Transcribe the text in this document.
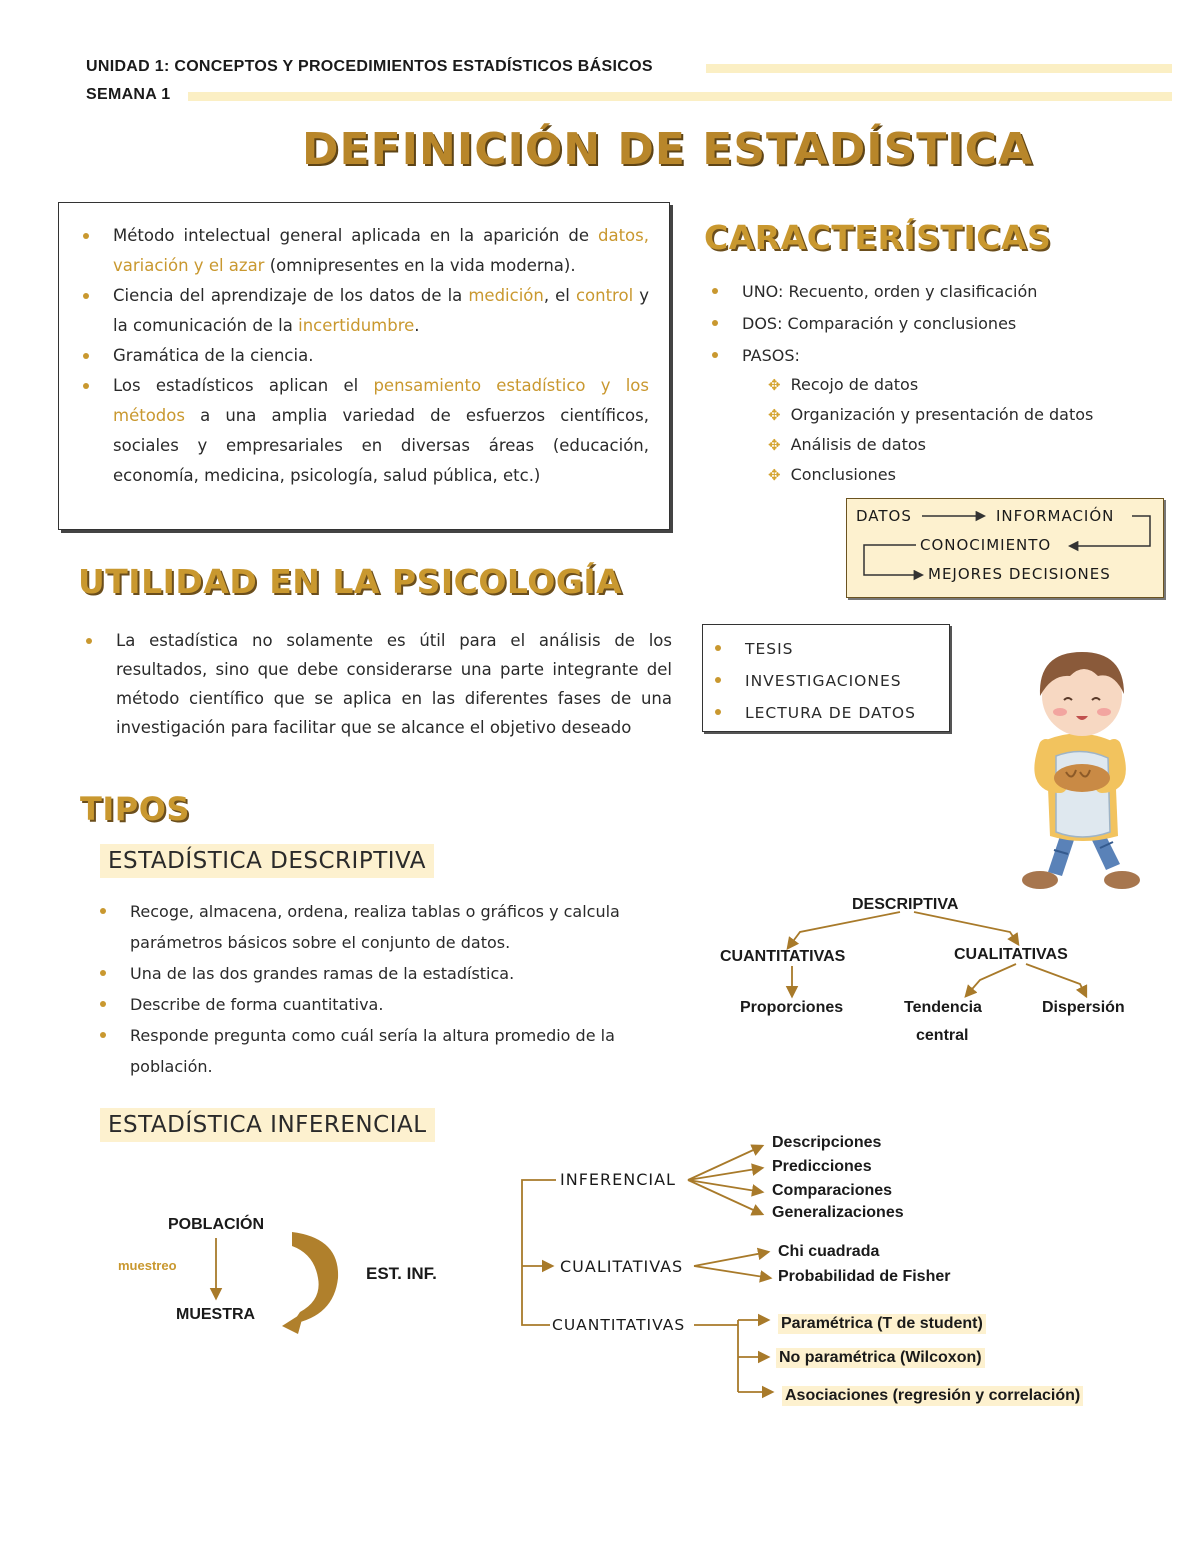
UNIDAD 1: CONCEPTOS Y PROCEDIMIENTOS ESTADÍSTICOS BÁSICOS
SEMANA 1
DEFINICIÓN DE ESTADÍSTICA
Método intelectual general aplicada en la aparición de datos, variación y el azar (omnipresentes en la vida moderna).
Ciencia del aprendizaje de los datos de la medición, el control y la comunicación de la incertidumbre.
Gramática de la ciencia.
Los estadísticos aplican el pensamiento estadístico y los métodos a una amplia variedad de esfuerzos científicos, sociales y empresariales en diversas áreas (educación, economía, medicina, psicología, salud pública, etc.)
CARACTERÍSTICAS
UNO: Recuento, orden y clasificación
DOS: Comparación y conclusiones
PASOS:
✥ Recojo de datos
✥ Organización y presentación de datos
✥ Análisis de datos
✥ Conclusiones
DATOS	INFORMACIÓN
CONOCIMIENTO
MEJORES DECISIONES
UTILIDAD EN LA PSICOLOGÍA
La estadística no solamente es útil para el análisis de los resultados, sino que debe considerarse una parte integrante del método científico que se aplica en las diferentes fases de una investigación para facilitar que se alcance el objetivo deseado
TESIS
INVESTIGACIONES
LECTURA DE DATOS
TIPOS
ESTADÍSTICA DESCRIPTIVA
Recoge, almacena, ordena, realiza tablas o gráficos y calcula parámetros básicos sobre el conjunto de datos.
Una de las dos grandes ramas de la estadística.
Describe de forma cuantitativa.
Responde pregunta como cuál sería la altura promedio de la población.
DESCRIPTIVA
CUANTITATIVAS	CUALITATIVAS
Proporciones	Tendencia
central
Dispersión
ESTADÍSTICA INFERENCIAL
POBLACIÓN
muestreo
MUESTRA
EST. INF.
INFERENCIAL
Descripciones
Predicciones
Comparaciones
Generalizaciones
CUALITATIVAS
Chi cuadrada
Probabilidad de Fisher
CUANTITATIVAS	Paramétrica (T de student)
No paramétrica (Wilcoxon)
Asociaciones (regresión y correlación)
